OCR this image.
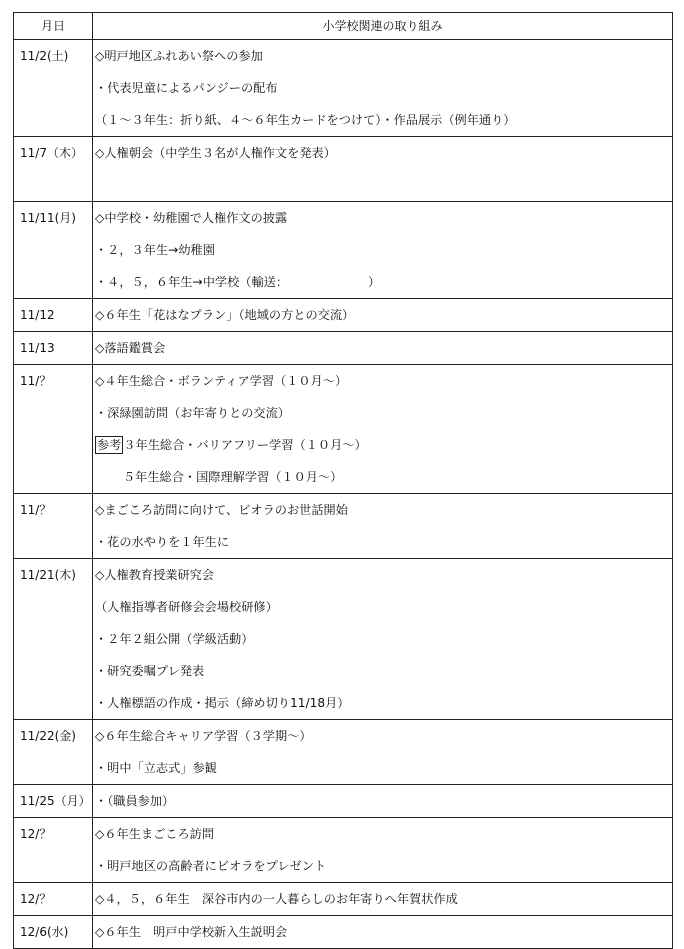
月日	小学校関連の取り組み

11/2(土)	◇明戸地区ふれあい祭への参加
・代表児童によるパンジーの配布
（１～３年生：折り紙、４～６年生カードをつけて）・作品展示（例年通り）

11/7（木）	◇人権朝会（中学生３名が人権作文を発表）

11/11(月)	◇中学校・幼稚園で人権作文の披露
・２，３年生→幼稚園
・４，５，６年生→中学校（輸送： ）

11/12	◇６年生「花はなプラン」（地域の方との交流）

11/13	◇落語鑑賞会

11/？	◇４年生総合・ボランティア学習（１０月～）
・深緑園訪問（お年寄りとの交流）
参考 ３年生総合・バリアフリー学習（１０月～）
５年生総合・国際理解学習（１０月～）

11/？	◇まごころ訪問に向けて、ビオラのお世話開始
・花の水やりを１年生に

11/21(木)	◇人権教育授業研究会
（人権指導者研修会会場校研修）
・２年２組公開（学級活動）
・研究委嘱プレ発表
・人権標語の作成・掲示（締め切り11/18月）

11/22(金)	◇６年生総合キャリア学習（３学期～）
・明中「立志式」参観

11/25（月）	・（職員参加）

12/？	◇６年生まごころ訪問
・明戸地区の高齢者にビオラをプレゼント

12/？	◇４，５，６年生　深谷市内の一人暮らしのお年寄りへ年賀状作成

12/6(水)	◇６年生　明戸中学校新入生説明会
